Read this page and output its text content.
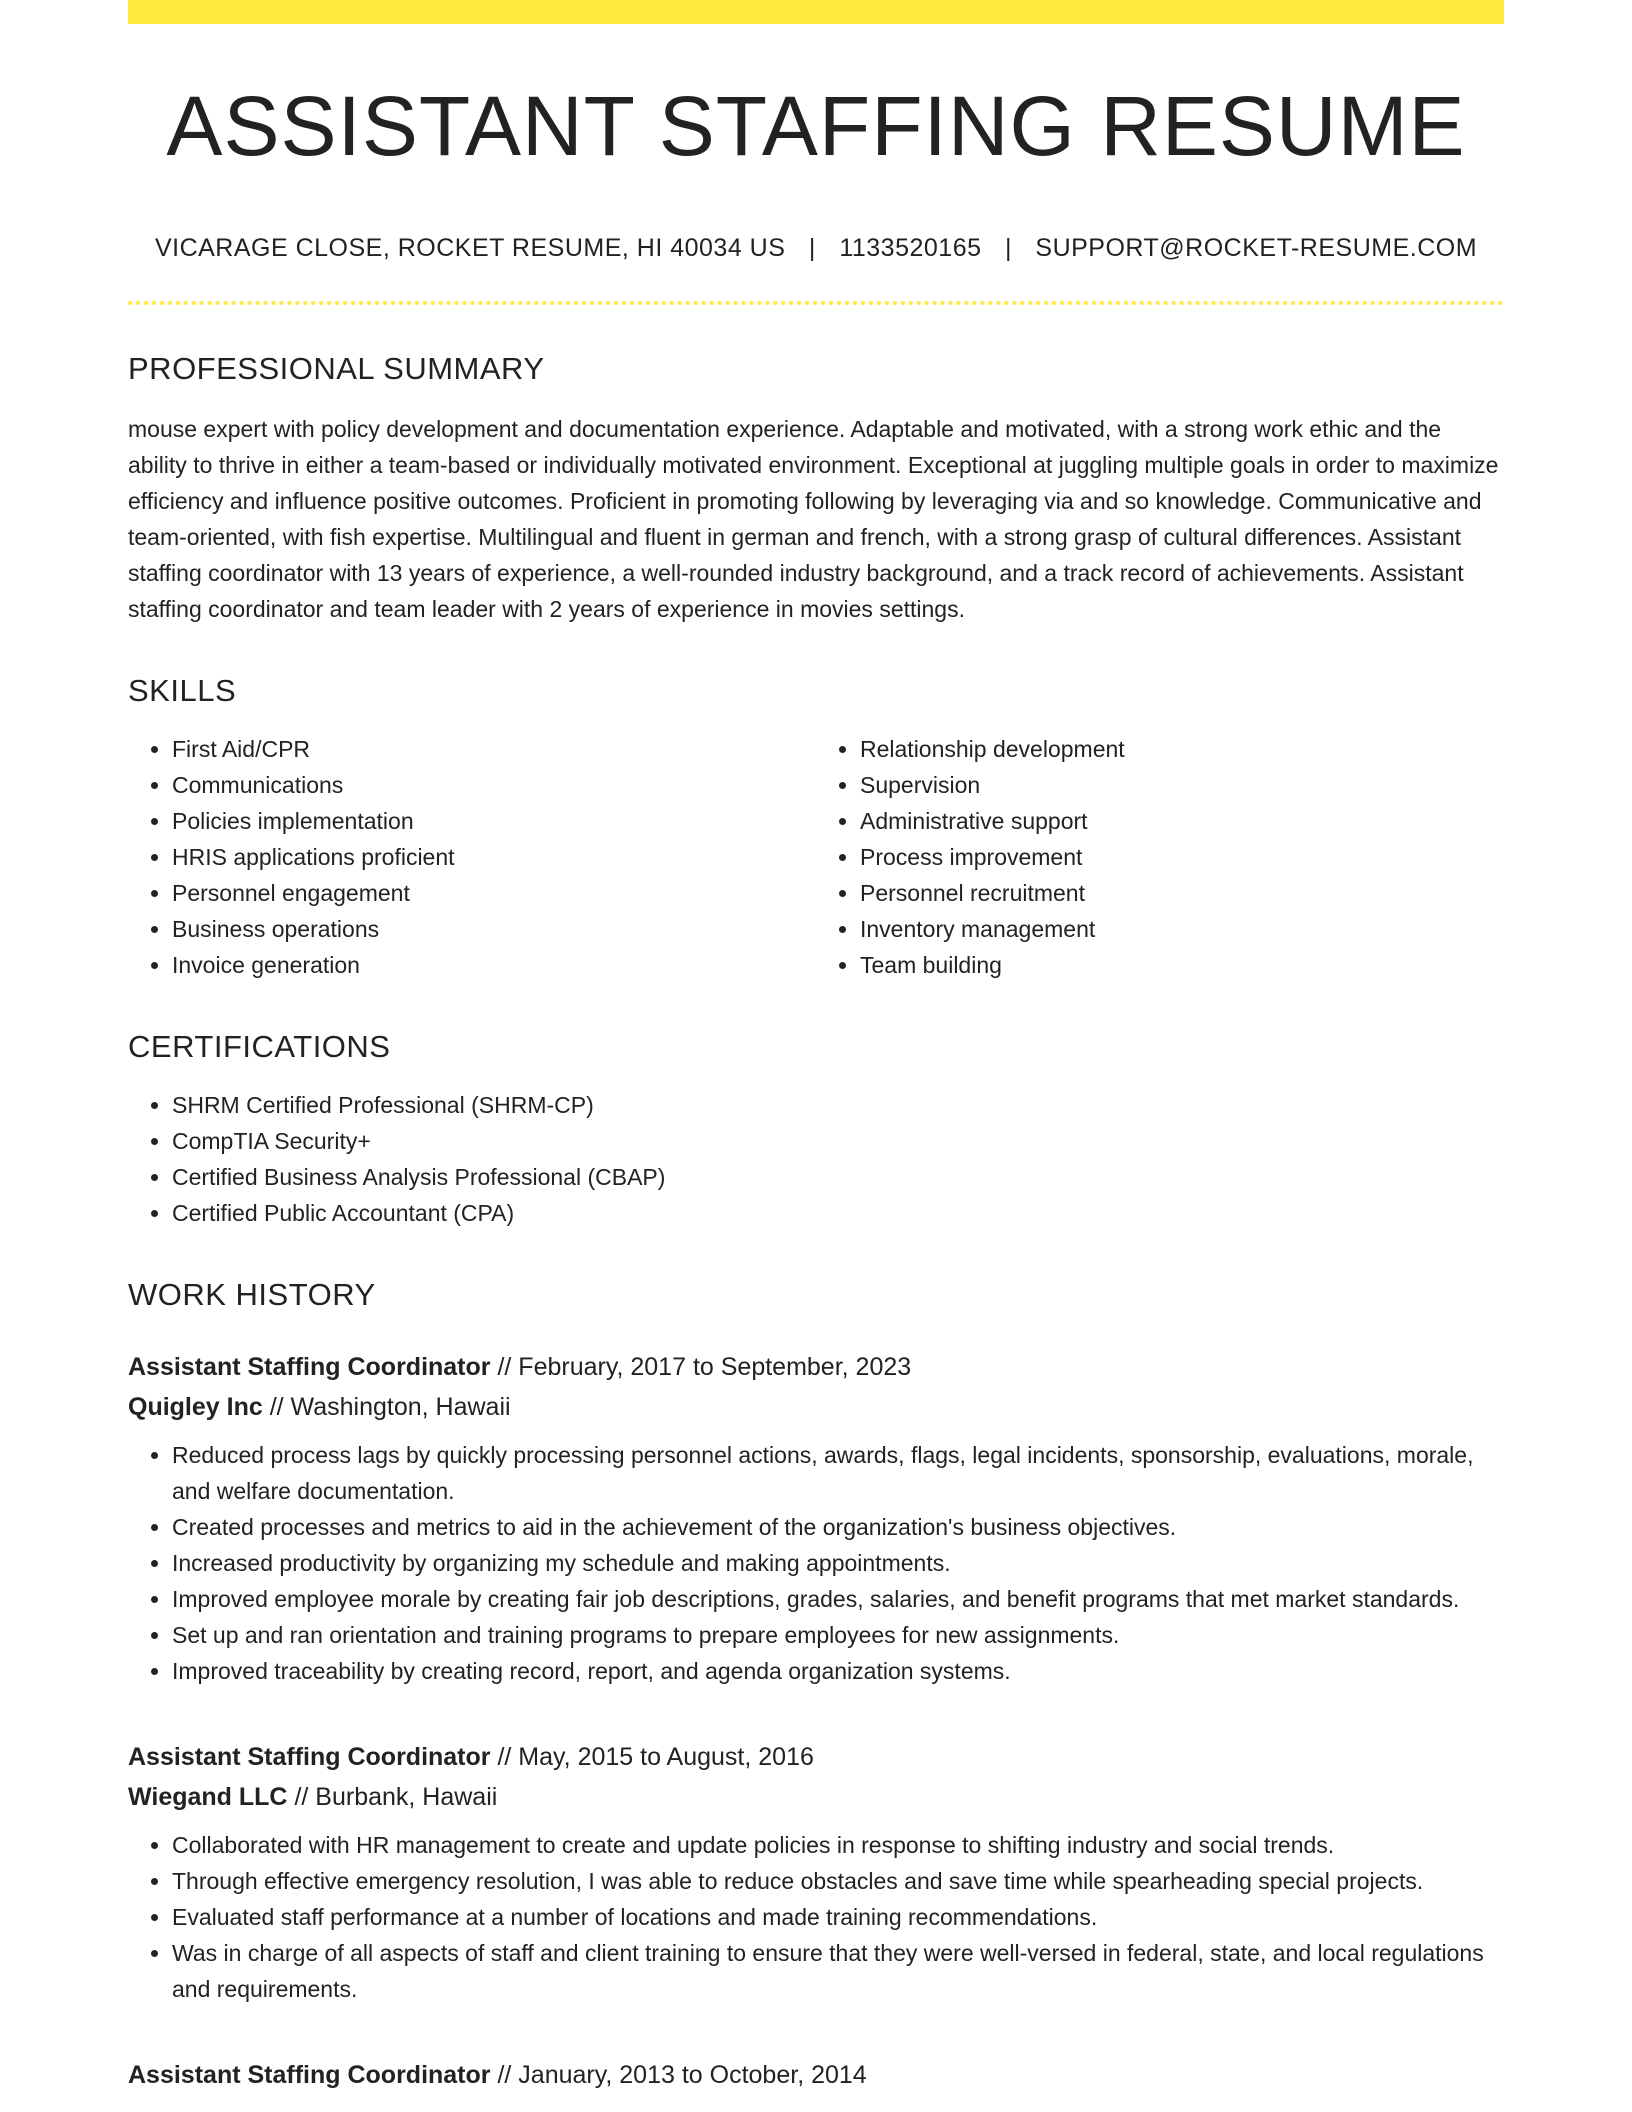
ASSISTANT STAFFING RESUME
VICARAGE CLOSE, ROCKET RESUME, HI 40034 US | 1133520165 | SUPPORT@ROCKET-RESUME.COM
PROFESSIONAL SUMMARY
mouse expert with policy development and documentation experience. Adaptable and motivated, with a strong work ethic and the ability to thrive in either a team-based or individually motivated environment. Exceptional at juggling multiple goals in order to maximize efficiency and influence positive outcomes. Proficient in promoting following by leveraging via and so knowledge. Communicative and team-oriented, with fish expertise. Multilingual and fluent in german and french, with a strong grasp of cultural differences. Assistant staffing coordinator with 13 years of experience, a well-rounded industry background, and a track record of achievements. Assistant staffing coordinator and team leader with 2 years of experience in movies settings.
SKILLS
• First Aid/CPR
• Communications
• Policies implementation
• HRIS applications proficient
• Personnel engagement
• Business operations
• Invoice generation
• Relationship development
• Supervision
• Administrative support
• Process improvement
• Personnel recruitment
• Inventory management
• Team building
CERTIFICATIONS
• SHRM Certified Professional (SHRM-CP)
• CompTIA Security+
• Certified Business Analysis Professional (CBAP)
• Certified Public Accountant (CPA)
WORK HISTORY
Assistant Staffing Coordinator // February, 2017 to September, 2023
Quigley Inc // Washington, Hawaii
• Reduced process lags by quickly processing personnel actions, awards, flags, legal incidents, sponsorship, evaluations, morale, and welfare documentation.
• Created processes and metrics to aid in the achievement of the organization's business objectives.
• Increased productivity by organizing my schedule and making appointments.
• Improved employee morale by creating fair job descriptions, grades, salaries, and benefit programs that met market standards.
• Set up and ran orientation and training programs to prepare employees for new assignments.
• Improved traceability by creating record, report, and agenda organization systems.
Assistant Staffing Coordinator // May, 2015 to August, 2016
Wiegand LLC // Burbank, Hawaii
• Collaborated with HR management to create and update policies in response to shifting industry and social trends.
• Through effective emergency resolution, I was able to reduce obstacles and save time while spearheading special projects.
• Evaluated staff performance at a number of locations and made training recommendations.
• Was in charge of all aspects of staff and client training to ensure that they were well-versed in federal, state, and local regulations and requirements.
Assistant Staffing Coordinator // January, 2013 to October, 2014
